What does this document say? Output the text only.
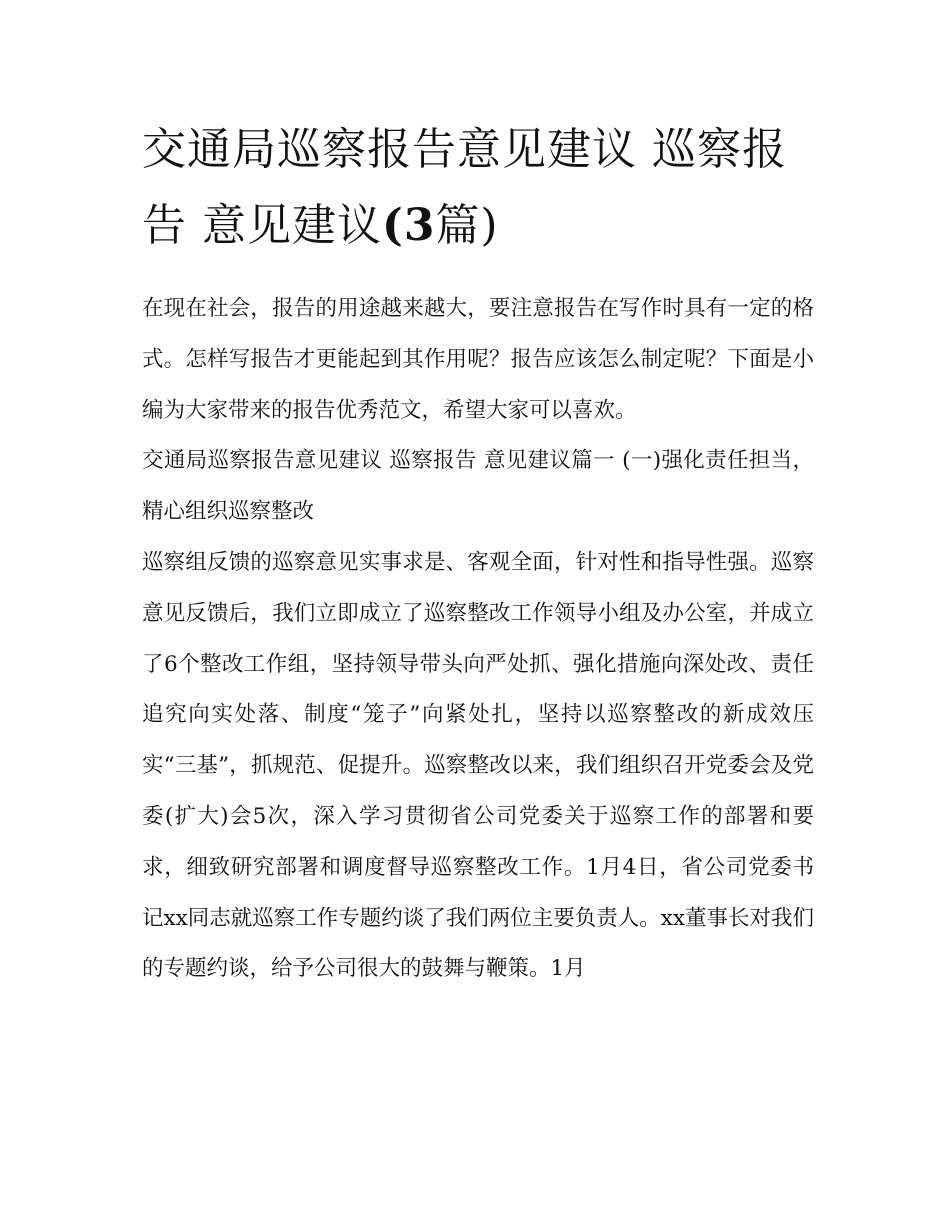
交通局巡察报告意见建议 巡察报告 意见建议(3篇)

在现在社会，报告的用途越来越大，要注意报告在写作时具有一定的格式。怎样写报告才更能起到其作用呢？报告应该怎么制定呢？下面是小编为大家带来的报告优秀范文，希望大家可以喜欢。

交通局巡察报告意见建议 巡察报告 意见建议篇一 (一)强化责任担当，精心组织巡察整改

巡察组反馈的巡察意见实事求是、客观全面，针对性和指导性强。巡察意见反馈后，我们立即成立了巡察整改工作领导小组及办公室，并成立了6个整改工作组，坚持领导带头向严处抓、强化措施向深处改、责任追究向实处落、制度“笼子”向紧处扎，坚持以巡察整改的新成效压实“三基”，抓规范、促提升。巡察整改以来，我们组织召开党委会及党委(扩大)会5次，深入学习贯彻省公司党委关于巡察工作的部署和要求，细致研究部署和调度督导巡察整改工作。1月4日，省公司党委书记xx同志就巡察工作专题约谈了我们两位主要负责人。xx董事长对我们的专题约谈，给予公司很大的鼓舞与鞭策。1月
